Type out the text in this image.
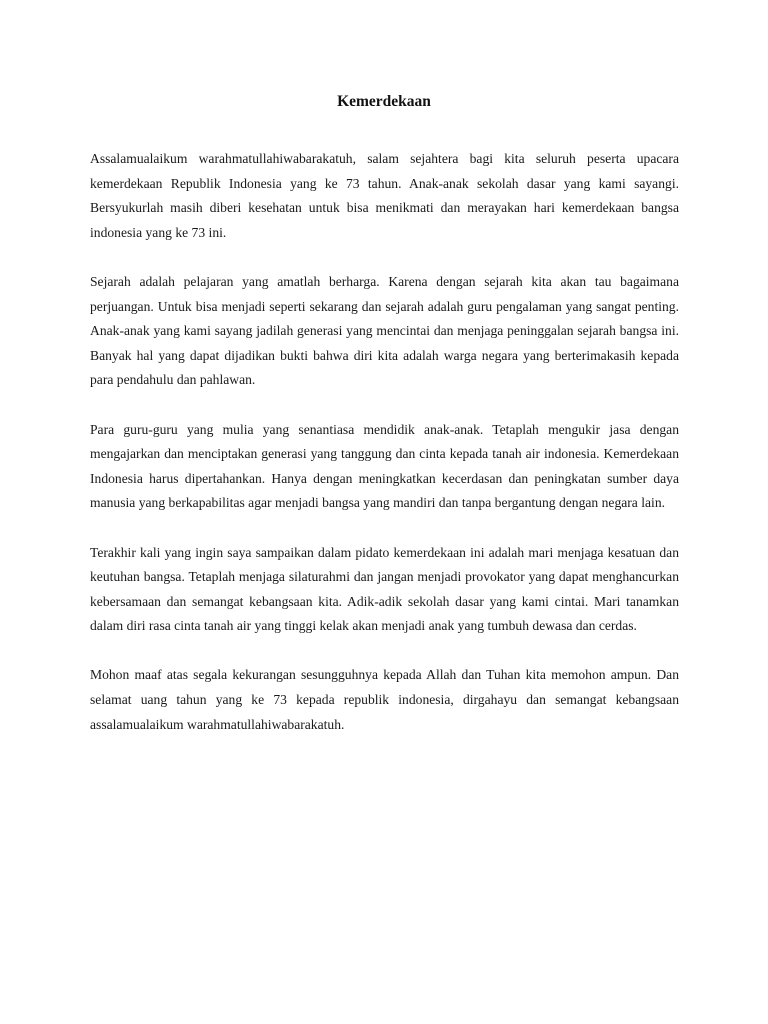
Kemerdekaan

Assalamualaikum warahmatullahiwabarakatuh, salam sejahtera bagi kita seluruh peserta upacara kemerdekaan Republik Indonesia yang ke 73 tahun. Anak-anak sekolah dasar yang kami sayangi. Bersyukurlah masih diberi kesehatan untuk bisa menikmati dan merayakan hari kemerdekaan bangsa indonesia yang ke 73 ini.

Sejarah adalah pelajaran yang amatlah berharga. Karena dengan sejarah kita akan tau bagaimana perjuangan. Untuk bisa menjadi seperti sekarang dan sejarah adalah guru pengalaman yang sangat penting. Anak-anak yang kami sayang jadilah generasi yang mencintai dan menjaga peninggalan sejarah bangsa ini. Banyak hal yang dapat dijadikan bukti bahwa diri kita adalah warga negara yang berterimakasih kepada para pendahulu dan pahlawan.

Para guru-guru yang mulia yang senantiasa mendidik anak-anak. Tetaplah mengukir jasa dengan mengajarkan dan menciptakan generasi yang tanggung dan cinta kepada tanah air indonesia. Kemerdekaan Indonesia harus dipertahankan. Hanya dengan meningkatkan kecerdasan dan peningkatan sumber daya manusia yang berkapabilitas agar menjadi bangsa yang mandiri dan tanpa bergantung dengan negara lain.

Terakhir kali yang ingin saya sampaikan dalam pidato kemerdekaan ini adalah mari menjaga kesatuan dan keutuhan bangsa. Tetaplah menjaga silaturahmi dan jangan menjadi provokator yang dapat menghancurkan kebersamaan dan semangat kebangsaan kita. Adik-adik sekolah dasar yang kami cintai. Mari tanamkan dalam diri rasa cinta tanah air yang tinggi kelak akan menjadi anak yang tumbuh dewasa dan cerdas.

Mohon maaf atas segala kekurangan sesungguhnya kepada Allah dan Tuhan kita memohon ampun. Dan selamat uang tahun yang ke 73 kepada republik indonesia, dirgahayu dan semangat kebangsaan assalamualaikum warahmatullahiwabarakatuh.
